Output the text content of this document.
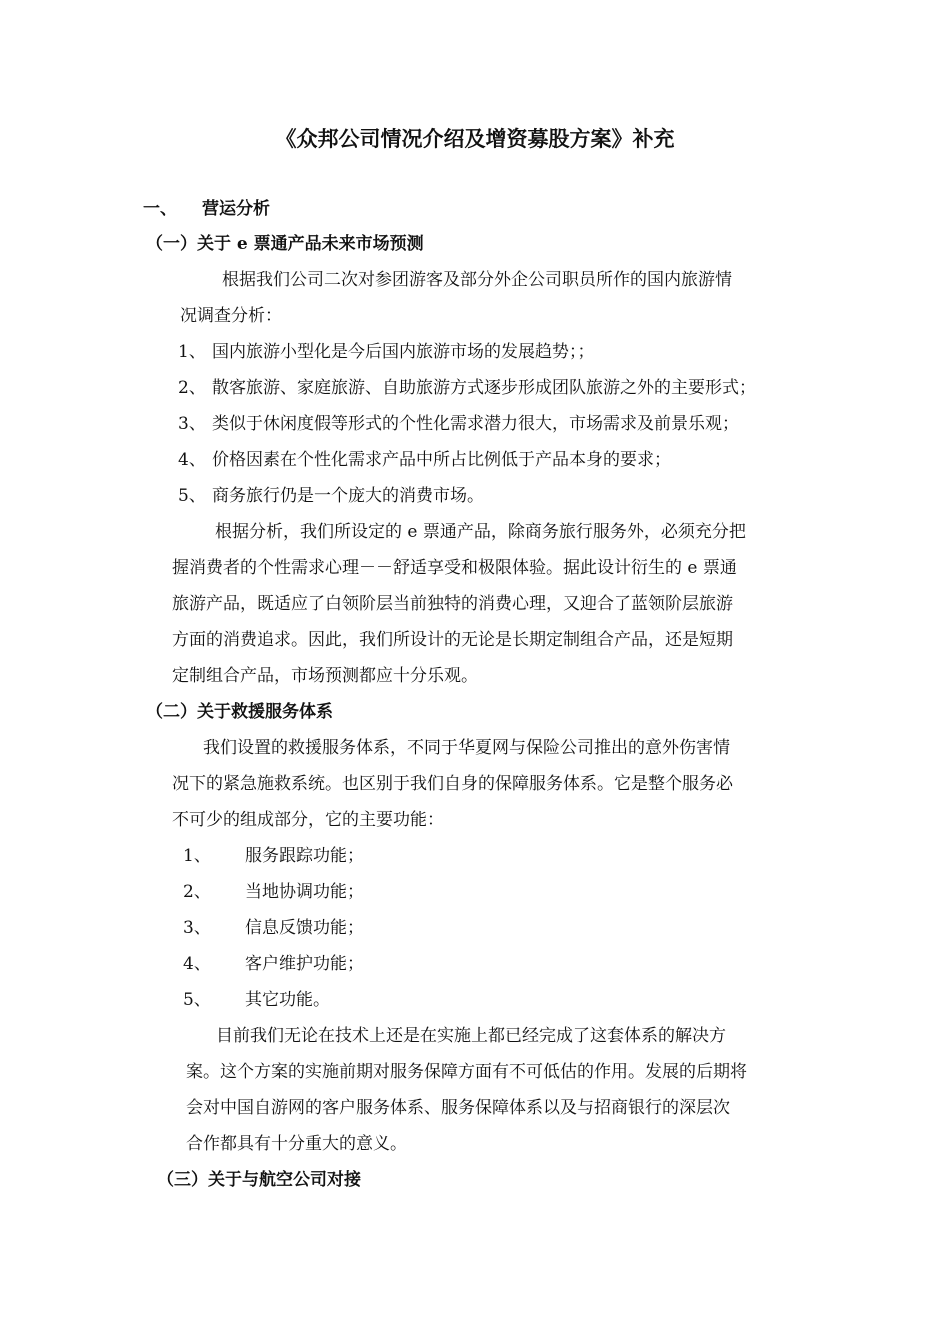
《众邦公司情况介绍及增资募股方案》补充
一、 营运分析
（一）关于 e 票通产品未来市场预测
根据我们公司二次对参团游客及部分外企公司职员所作的国内旅游情
况调查分析：
1、 国内旅游小型化是今后国内旅游市场的发展趋势；；
2、 散客旅游、家庭旅游、自助旅游方式逐步形成团队旅游之外的主要形式；
3、 类似于休闲度假等形式的个性化需求潜力很大，市场需求及前景乐观；
4、 价格因素在个性化需求产品中所占比例低于产品本身的要求；
5、 商务旅行仍是一个庞大的消费市场。
根据分析，我们所设定的 e 票通产品，除商务旅行服务外，必须充分把
握消费者的个性需求心理－－舒适享受和极限体验。据此设计衍生的 e 票通
旅游产品，既适应了白领阶层当前独特的消费心理，又迎合了蓝领阶层旅游
方面的消费追求。因此，我们所设计的无论是长期定制组合产品，还是短期
定制组合产品，市场预测都应十分乐观。
（二）关于救援服务体系
我们设置的救援服务体系，不同于华夏网与保险公司推出的意外伤害情
况下的紧急施救系统。也区别于我们自身的保障服务体系。它是整个服务必
不可少的组成部分，它的主要功能：
1、 服务跟踪功能；
2、 当地协调功能；
3、 信息反馈功能；
4、 客户维护功能；
5、 其它功能。
目前我们无论在技术上还是在实施上都已经完成了这套体系的解决方
案。这个方案的实施前期对服务保障方面有不可低估的作用。发展的后期将
会对中国自游网的客户服务体系、服务保障体系以及与招商银行的深层次
合作都具有十分重大的意义。
（三）关于与航空公司对接
